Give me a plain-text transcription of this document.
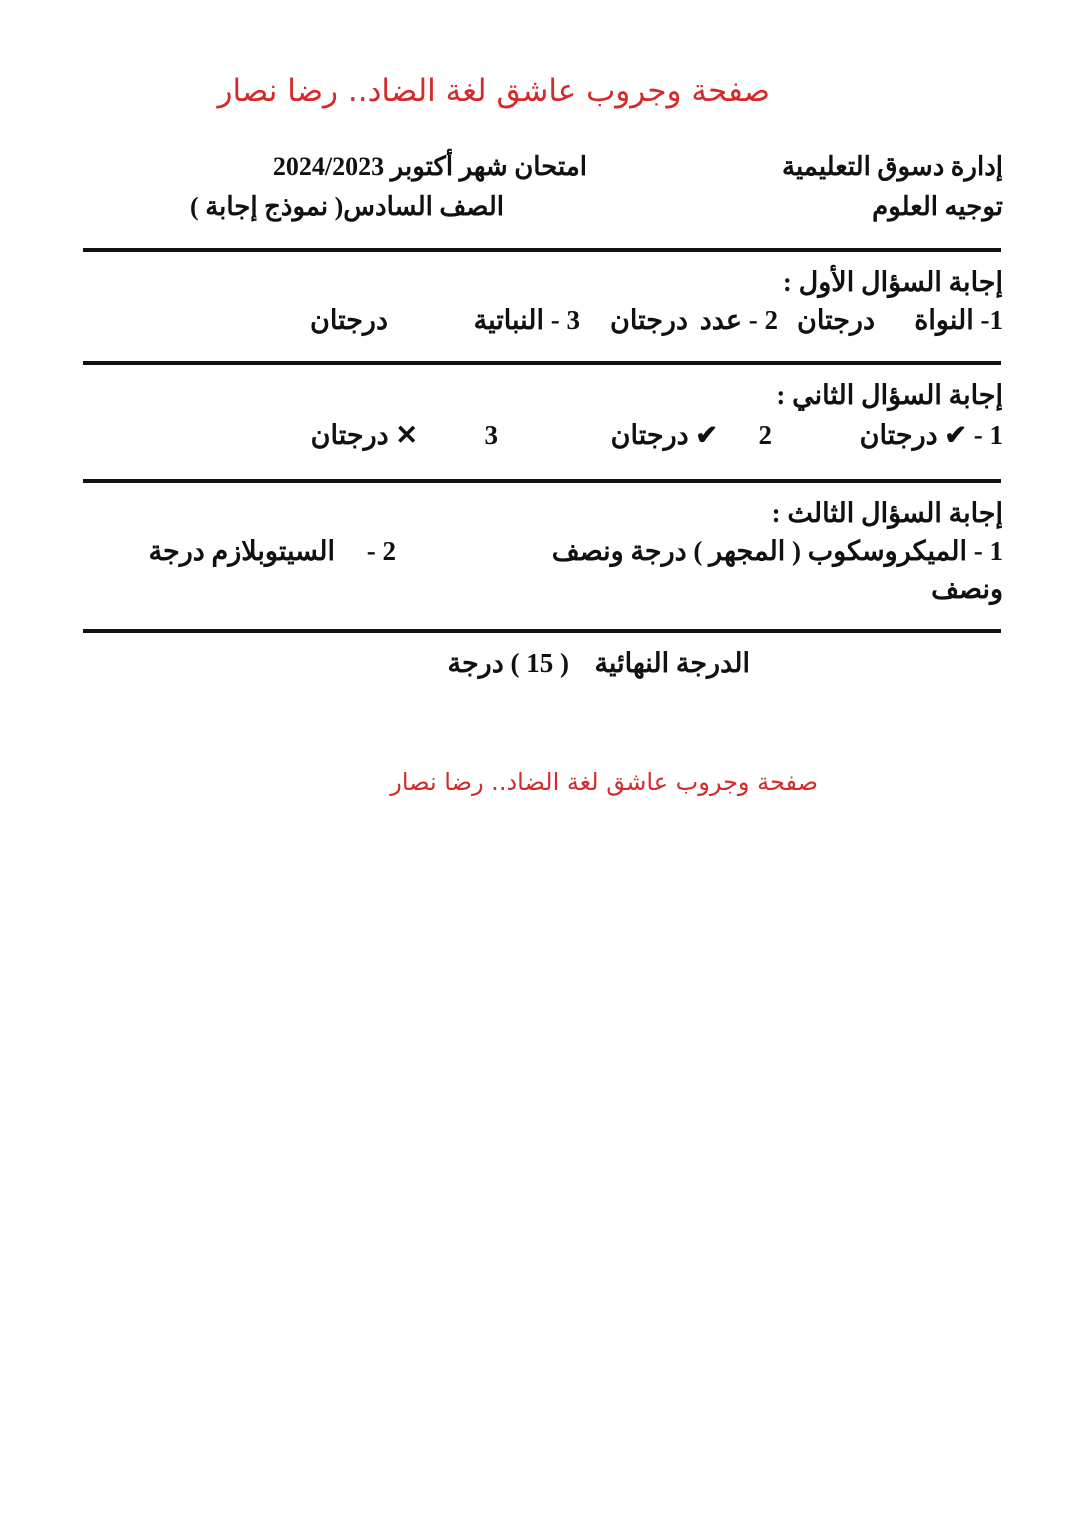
صفحة وجروب عاشق لغة الضاد.. رضا نصار
إدارة دسوق التعليمية
توجيه العلوم
امتحان شهر أكتوبر 2024/2023
الصف السادس( نموذج إجابة )
إجابة السؤال الأول :
1- النواة
درجتان
2 - عدد
درجتان
3 - النباتية
درجتان
إجابة السؤال الثاني :
1 - ✔ درجتان
2
✔ درجتان
3
✕ درجتان
إجابة السؤال الثالث :
1 - الميكروسكوب ( المجهر ) درجة ونصف
2 -
السيتوبلازم درجة
ونصف
الدرجة النهائية
( 15 ) درجة
صفحة وجروب عاشق لغة الضاد.. رضا نصار
